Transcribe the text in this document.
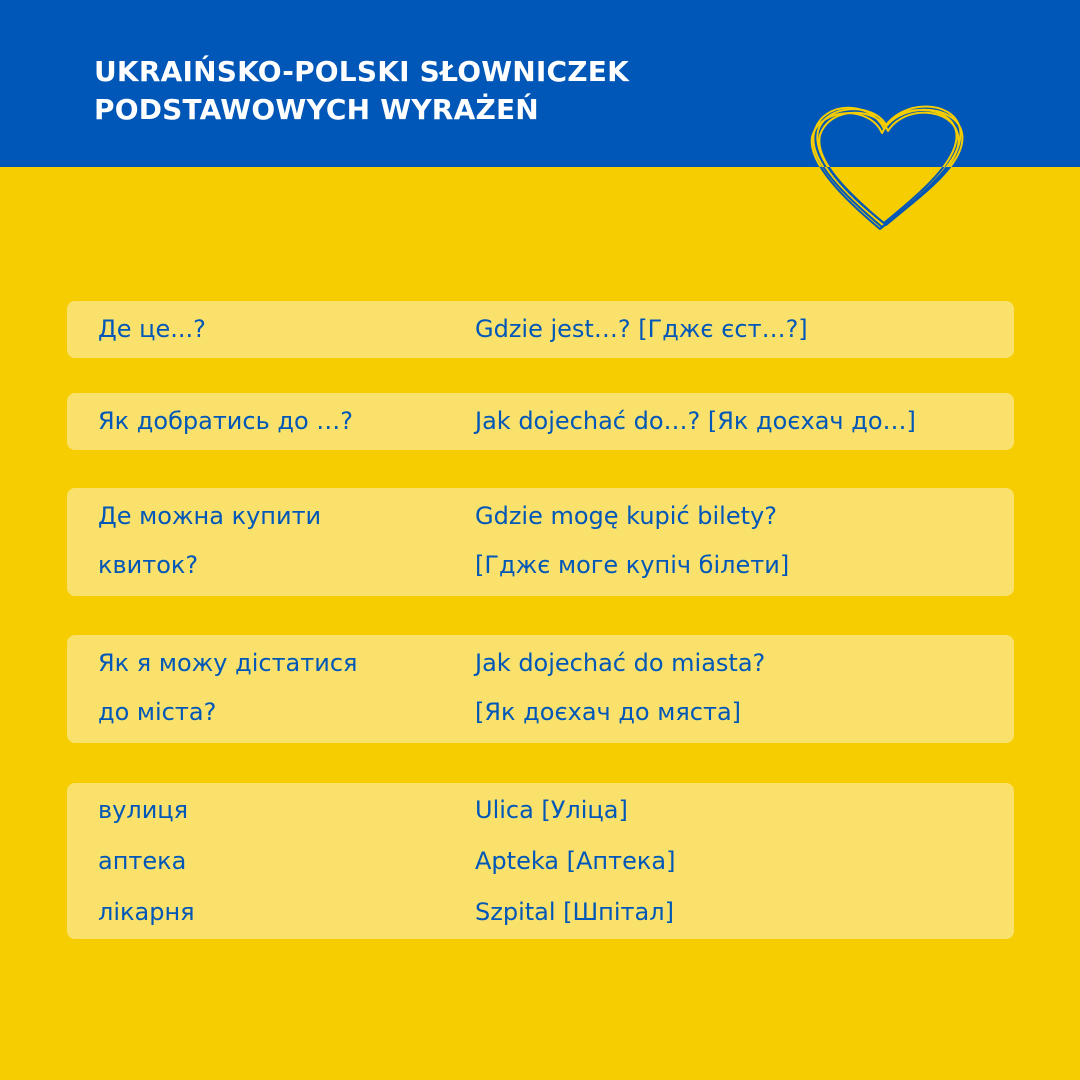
UKRAIŃSKO-POLSKI SŁOWNICZEK
PODSTAWOWYCH WYRAŻEŃ
Де це...?	Gdzie jest…? [Гджє єст…?]
Як добратись до …?	Jak dojechać do…? [Як доєхач до…]
Де можна купити
квиток?
Gdzie mogę kupić bilety?
[Гджє моге купіч білети]
Як я можу дістатися
до міста?
Jak dojechać do miasta?
[Як доєхач до мяста]
вулиця
аптека
лікарня
Ulica [Уліца]
Apteka [Аптека]
Szpital [Шпітал]
